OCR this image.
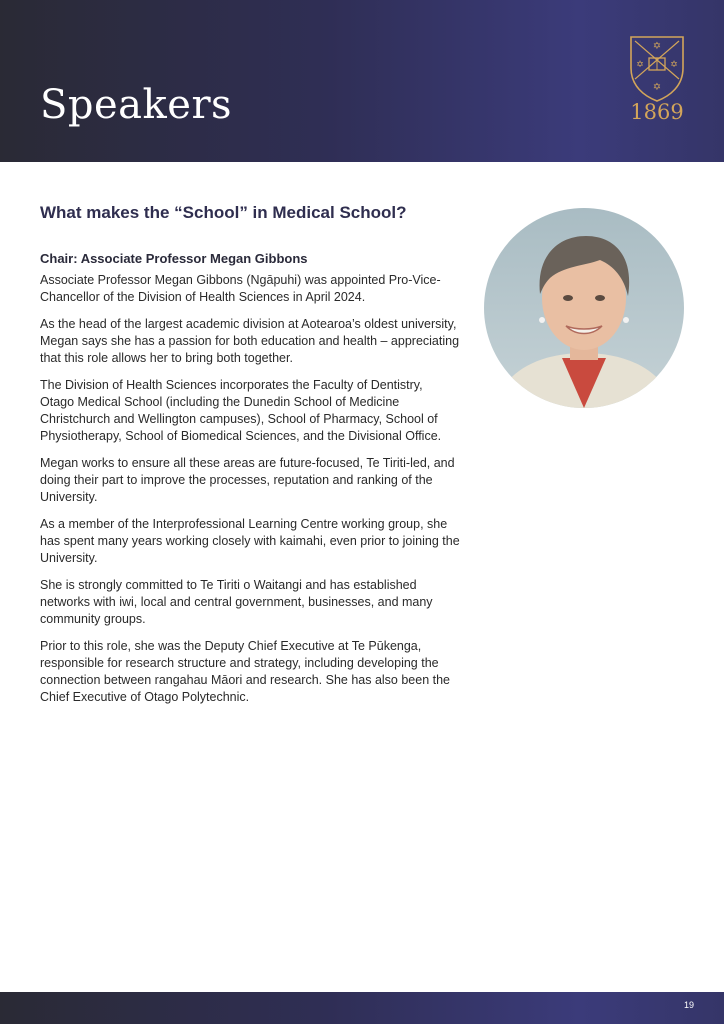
Speakers
✡
✡	✡
✡
1869
What makes the “School” in Medical School?

Chair: Associate Professor Megan Gibbons

Associate Professor Megan Gibbons (Ngāpuhi) was appointed Pro-Vice-Chancellor of the Division of Health Sciences in April 2024.

As the head of the largest academic division at Aotearoa’s oldest university, Megan says she has a passion for both education and health – appreciating that this role allows her to bring both together.

The Division of Health Sciences incorporates the Faculty of Dentistry, Otago Medical School (including the Dunedin School of Medicine Christchurch and Wellington campuses), School of Pharmacy, School of Physiotherapy, School of Biomedical Sciences, and the Divisional Office.

Megan works to ensure all these areas are future-focused, Te Tiriti-led, and doing their part to improve the processes, reputation and ranking of the University.

As a member of the Interprofessional Learning Centre working group, she has spent many years working closely with kaimahi, even prior to joining the University.

She is strongly committed to Te Tiriti o Waitangi and has established networks with iwi, local and central government, businesses, and many community groups.

Prior to this role, she was the Deputy Chief Executive at Te Pūkenga, responsible for research structure and strategy, including developing the connection between rangahau Māori and research. She has also been the Chief Executive of Otago Polytechnic.

19
